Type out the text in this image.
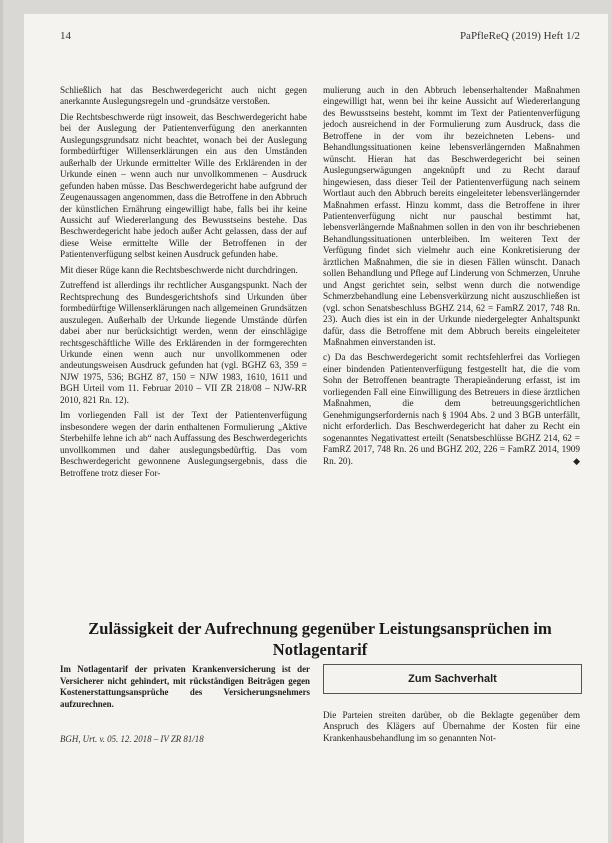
14	PaPfleReQ (2019) Heft 1/2

Schließlich hat das Beschwerdegericht auch nicht gegen anerkannte Auslegungsregeln und -grundsätze verstoßen.

Die Rechtsbeschwerde rügt insoweit, das Beschwerdegericht habe bei der Auslegung der Patientenverfügung den anerkannten Auslegungsgrundsatz nicht beachtet, wonach bei der Auslegung formbedürftiger Willenserklärungen ein aus den Umständen außerhalb der Urkunde ermittelter Wille des Erklärenden in der Urkunde einen – wenn auch nur unvollkommenen – Ausdruck gefunden haben müsse. Das Beschwerdegericht habe aufgrund der Zeugenaussagen angenommen, dass die Betroffene in den Abbruch der künstlichen Ernährung eingewilligt habe, falls bei ihr keine Aussicht auf Wiedererlangung des Bewusstseins bestehe. Das Beschwerdegericht habe jedoch außer Acht gelassen, dass der auf diese Weise ermittelte Wille der Betroffenen in der Patientenverfügung selbst keinen Ausdruck gefunden habe.

Mit dieser Rüge kann die Rechtsbeschwerde nicht durchdringen.

Zutreffend ist allerdings ihr rechtlicher Ausgangspunkt. Nach der Rechtsprechung des Bundesgerichtshofs sind Urkunden über formbedürftige Willenserklärungen nach allgemeinen Grundsätzen auszulegen. Außerhalb der Urkunde liegende Umstände dürfen dabei aber nur berücksichtigt werden, wenn der einschlägige rechtsgeschäftliche Wille des Erklärenden in der formgerechten Urkunde einen wenn auch nur unvollkommenen oder andeutungsweisen Ausdruck gefunden hat (vgl. BGHZ 63, 359 = NJW 1975, 536; BGHZ 87, 150 = NJW 1983, 1610, 1611 und BGH Urteil vom 11. Februar 2010 – VII ZR 218/08 – NJW-RR 2010, 821 Rn. 12).

Im vorliegenden Fall ist der Text der Patientenverfügung insbesondere wegen der darin enthaltenen Formulierung „Aktive Sterbehilfe lehne ich ab“ nach Auffassung des Beschwerdegerichts unvollkommen und daher auslegungsbedürftig. Das vom Beschwerdegericht gewonnene Auslegungsergebnis, dass die Betroffene trotz dieser For-

mulierung auch in den Abbruch lebenserhaltender Maßnahmen eingewilligt hat, wenn bei ihr keine Aussicht auf Wiedererlangung des Bewusstseins besteht, kommt im Text der Patientenverfügung jedoch ausreichend in der Formulierung zum Ausdruck, dass die Betroffene in der vom ihr bezeichneten Lebens- und Behandlungssituationen keine lebensverlängernden Maßnahmen wünscht. Hieran hat das Beschwerdegericht bei seinen Auslegungserwägungen angeknüpft und zu Recht darauf hingewiesen, dass dieser Teil der Patientenverfügung nach seinem Wortlaut auch den Abbruch bereits eingeleiteter lebensverlängernder Maßnahmen erfasst. Hinzu kommt, dass die Betroffene in ihrer Patientenverfügung nicht nur pauschal bestimmt hat, lebensverlängernde Maßnahmen sollen in den von ihr beschriebenen Behandlungssituationen unterbleiben. Im weiteren Text der Verfügung findet sich vielmehr auch eine Konkretisierung der ärztlichen Maßnahmen, die sie in diesen Fällen wünscht. Danach sollen Behandlung und Pflege auf Linderung von Schmerzen, Unruhe und Angst gerichtet sein, selbst wenn durch die notwendige Schmerzbehandlung eine Lebensverkürzung nicht auszuschließen ist (vgl. schon Senatsbeschluss BGHZ 214, 62 = FamRZ 2017, 748 Rn. 23). Auch dies ist ein in der Urkunde niedergelegter Anhaltspunkt dafür, dass die Betroffene mit dem Abbruch bereits eingeleiteter Maßnahmen einverstanden ist.

c) Da das Beschwerdegericht somit rechtsfehlerfrei das Vorliegen einer bindenden Patientenverfügung festgestellt hat, die die vom Sohn der Betroffenen beantragte Therapieänderung erfasst, ist im vorliegenden Fall eine Einwilligung des Betreuers in diese ärztlichen Maßnahmen, die dem betreuungsgerichtlichen Genehmigungserfordernis nach § 1904 Abs. 2 und 3 BGB unterfällt, nicht erforderlich. Das Beschwerdegericht hat daher zu Recht ein sogenanntes Negativattest erteilt (Senatsbeschlüsse BGHZ 214, 62 = FamRZ 2017, 748 Rn. 26 und BGHZ 202, 226 = FamRZ 2014, 1909 Rn. 20).	◆

Zulässigkeit der Aufrechnung gegenüber Leistungsansprüchen im Notlagentarif
Im Notlagentarif der privaten Krankenversicherung ist der Versicherer nicht gehindert, mit rückständigen Beiträgen gegen Kostenerstattungsansprüche des Versicherungsnehmers aufzurechnen.
BGH, Urt. v. 05. 12. 2018 – IV ZR 81/18
Zum Sachverhalt
Die Parteien streiten darüber, ob die Beklagte gegenüber dem Anspruch des Klägers auf Übernahme der Kosten für eine Krankenhausbehandlung im so genannten Not-
